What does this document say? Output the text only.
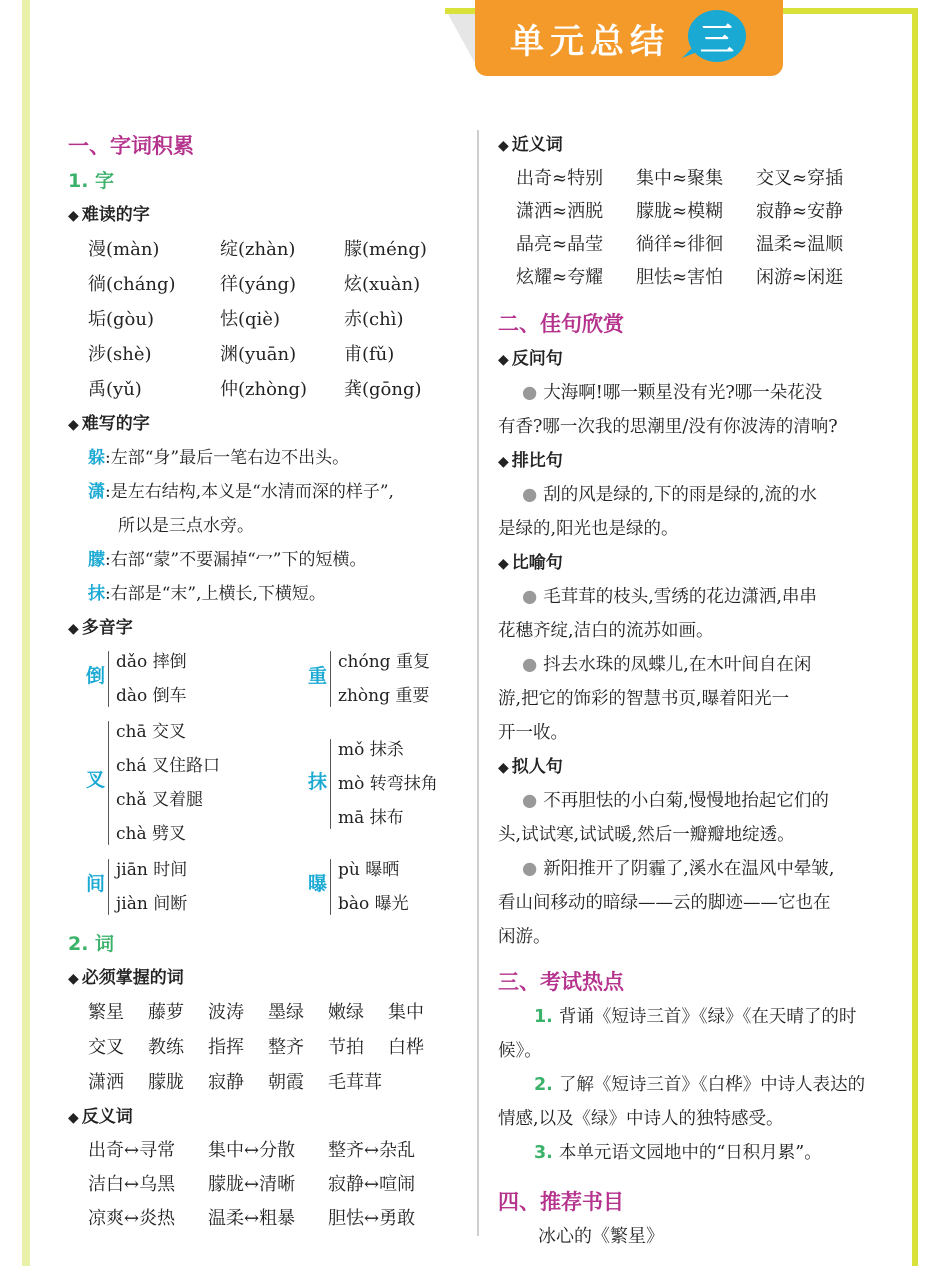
单元总结 三
一、字词积累
1. 字
◆ 难读的字
漫(màn)	绽(zhàn)	朦(méng)
徜(cháng)	徉(yáng)	炫(xuàn)
垢(gòu)	怯(qiè)	赤(chì)
涉(shè)	渊(yuān)	甫(fǔ)
禹(yǔ)	仲(zhòng)	龚(gōng)
◆ 难写的字
躲:左部“身”最后一笔右边不出头。
潇:是左右结构,本义是“水清而深的样子”,
所以是三点水旁。
朦:右部“蒙”不要漏掉“冖”下的短横。
抹:右部是“末”,上横长,下横短。
◆ 多音字
倒
dǎo 摔倒
dào 倒车
重
chóng 重复
zhòng 重要
叉
chā 交叉
chá 叉住路口
chǎ 叉着腿
chà 劈叉
抹
mǒ 抹杀
mò 转弯抹角
mā 抹布
间
jiān 时间
jiàn 间断
曝
pù 曝晒
bào 曝光
2. 词
◆ 必须掌握的词
繁星	藤萝	波涛	墨绿	嫩绿	集中
交叉	教练	指挥	整齐	节拍	白桦
潇洒	朦胧	寂静	朝霞	毛茸茸
◆ 反义词
出奇↔寻常	集中↔分散	整齐↔杂乱
洁白↔乌黑	朦胧↔清晰	寂静↔喧闹
凉爽↔炎热	温柔↔粗暴	胆怯↔勇敢
◆ 近义词
出奇≈特别	集中≈聚集	交叉≈穿插
潇洒≈洒脱	朦胧≈模糊	寂静≈安静
晶亮≈晶莹	徜徉≈徘徊	温柔≈温顺
炫耀≈夸耀	胆怯≈害怕	闲游≈闲逛
二、佳句欣赏
◆ 反问句
● 大海啊!哪一颗星没有光?哪一朵花没
有香?哪一次我的思潮里/没有你波涛的清响?
◆ 排比句
● 刮的风是绿的,下的雨是绿的,流的水
是绿的,阳光也是绿的。
◆ 比喻句
● 毛茸茸的枝头,雪绣的花边潇洒,串串
花穗齐绽,洁白的流苏如画。
● 抖去水珠的凤蝶儿,在木叶间自在闲
游,把它的饰彩的智慧书页,曝着阳光一
开一收。
◆ 拟人句
● 不再胆怯的小白菊,慢慢地抬起它们的
头,试试寒,试试暖,然后一瓣瓣地绽透。
● 新阳推开了阴霾了,溪水在温风中晕皱,
看山间移动的暗绿——云的脚迹——它也在
闲游。
三、考试热点
1. 背诵《短诗三首》《绿》《在天晴了的时
候》。
2. 了解《短诗三首》《白桦》中诗人表达的
情感,以及《绿》中诗人的独特感受。
3. 本单元语文园地中的“日积月累”。
四、推荐书目
冰心的《繁星》
